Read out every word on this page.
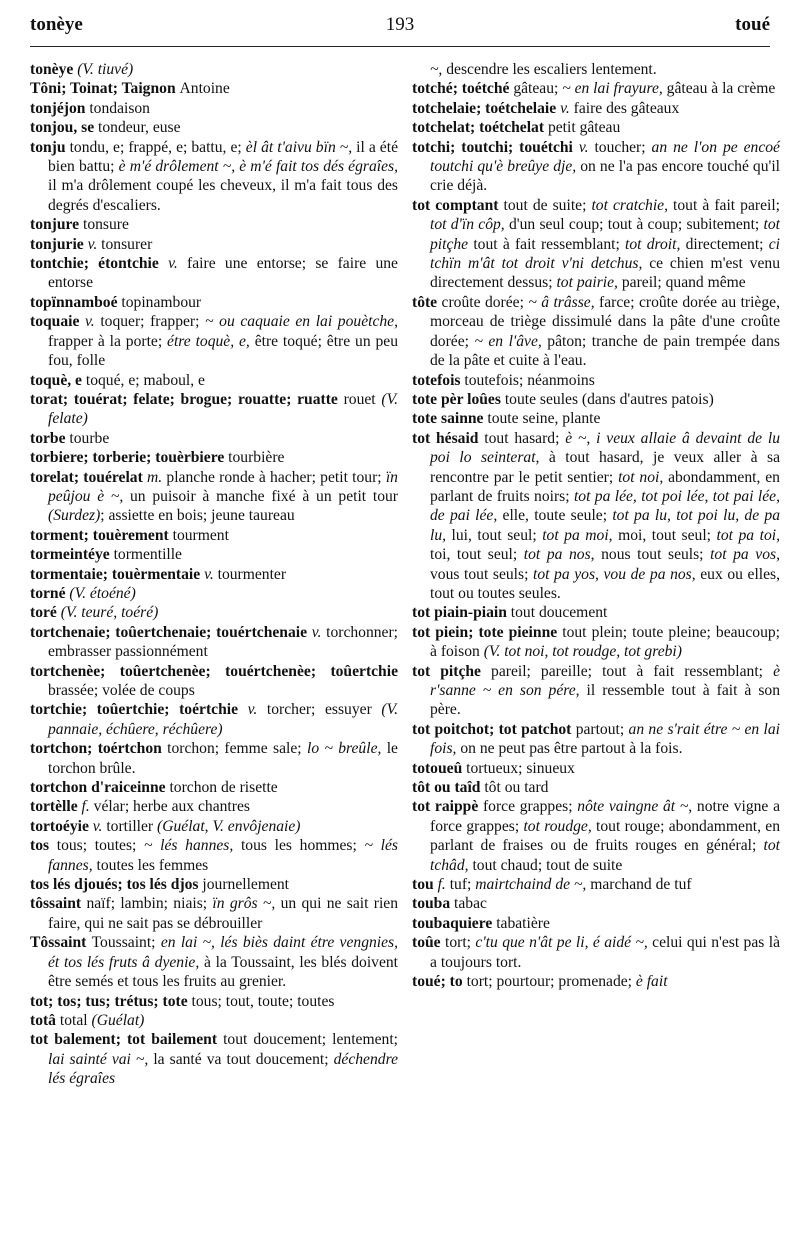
tonèye	193	toué

tonèye (V. tiuvé)

Tôni; Toinat; Taignon Antoine

tonjéjon tondaison

tonjou, se tondeur, euse

tonju tondu, e; frappé, e; battu, e; èl ât t'aivu bïn ~, il a été bien battu; è m'é drôlement ~, è m'é fait tos dés égraîes, il m'a drôlement coupé les cheveux, il m'a fait tous des degrés d'escaliers.

tonjure tonsure

tonjurie v. tonsurer

tontchie; étontchie v. faire une entorse; se faire une entorse

topïnnamboé topinambour

toquaie v. toquer; frapper; ~ ou caquaie en lai pouètche, frapper à la porte; étre toquè, e, être toqué; être un peu fou, folle

toquè, e toqué, e; maboul, e

torat; touérat; felate; brogue; rouatte; ruatte rouet (V. felate)

torbe tourbe

torbiere; torberie; touèrbiere tourbière

torelat; touérelat m. planche ronde à hacher; petit tour; ïn peûjou è ~, un puisoir à manche fixé à un petit tour (Surdez); assiette en bois; jeune taureau

torment; touèrement tourment

tormeintéye tormentille

tormentaie; touèrmentaie v. tourmenter

torné (V. étoéné)

toré (V. teuré, toéré)

tortchenaie; toûertchenaie; touértchenaie v. torchonner; embrasser passionnément

tortchenèe; toûertchenèe; touértchenèe; toûertchie brassée; volée de coups

tortchie; toûertchie; toértchie v. torcher; essuyer (V. pannaie, échûere, réchûere)

tortchon; toértchon torchon; femme sale; lo ~ breûle, le torchon brûle.

tortchon d'raiceinne torchon de risette

tortèlle f. vélar; herbe aux chantres

tortoéyie v. tortiller (Guélat, V. envôjenaie)

tos tous; toutes; ~ lés hannes, tous les hommes; ~ lés fannes, toutes les femmes

tos lés djoués; tos lés djos journellement

tôssaint naïf; lambin; niais; ïn grôs ~, un qui ne sait rien faire, qui ne sait pas se débrouiller

Tôssaint Toussaint; en lai ~, lés biès daint étre vengnies, ét tos lés fruts â dyenie, à la Toussaint, les blés doivent être semés et tous les fruits au grenier.

tot; tos; tus; trétus; tote tous; tout, toute; toutes

totâ total (Guélat)

tot balement; tot bailement tout doucement; lentement; lai sainté vai ~, la santé va tout doucement; déchendre lés égraîes

~, descendre les escaliers lentement.

totché; toétché gâteau; ~ en lai frayure, gâteau à la crème

totchelaie; toétchelaie v. faire des gâteaux

totchelat; toétchelat petit gâteau

totchi; toutchi; touétchi v. toucher; an ne l'on pe encoé toutchi qu'è breûye dje, on ne l'a pas encore touché qu'il crie déjà.

tot comptant tout de suite; tot cratchie, tout à fait pareil; tot d'ïn côp, d'un seul coup; tout à coup; subitement; tot pitçhe tout à fait ressemblant; tot droit, directement; ci tchïn m'ât tot droit v'ni detchus, ce chien m'est venu directement dessus; tot pairie, pareil; quand même

tôte croûte dorée; ~ â trâsse, farce; croûte dorée au triège, morceau de triège dissimulé dans la pâte d'une croûte dorée; ~ en l'âve, pâton; tranche de pain trempée dans de la pâte et cuite à l'eau.

totefois toutefois; néanmoins

tote pèr loûes toute seules (dans d'autres patois)

tote sainne toute seine, plante

tot hésaid tout hasard; è ~, i veux allaie â devaint de lu poi lo seinterat, à tout hasard, je veux aller à sa rencontre par le petit sentier; tot noi, abondamment, en parlant de fruits noirs; tot pa lée, tot poi lée, tot pai lée, de pai lée, elle, toute seule; tot pa lu, tot poi lu, de pa lu, lui, tout seul; tot pa moi, moi, tout seul; tot pa toi, toi, tout seul; tot pa nos, nous tout seuls; tot pa vos, vous tout seuls; tot pa yos, vou de pa nos, eux ou elles, tout ou toutes seules.

tot piain-piain tout doucement

tot piein; tote pieinne tout plein; toute pleine; beaucoup; à foison (V. tot noi, tot roudge, tot grebi)

tot pitçhe pareil; pareille; tout à fait ressemblant; è r'sanne ~ en son pére, il ressemble tout à fait à son père.

tot poitchot; tot patchot partout; an ne s'rait étre ~ en lai fois, on ne peut pas être partout à la fois.

totoueû tortueux; sinueux

tôt ou taîd tôt ou tard

tot raippè force grappes; nôte vaingne ât ~, notre vigne a force grappes; tot roudge, tout rouge; abondamment, en parlant de fraises ou de fruits rouges en général; tot tchâd, tout chaud; tout de suite

tou f. tuf; mairtchaind de ~, marchand de tuf

touba tabac

toubaquiere tabatière

toûe tort; c'tu que n'ât pe li, é aidé ~, celui qui n'est pas là a toujours tort.

toué; to tort; pourtour; promenade; è fait
